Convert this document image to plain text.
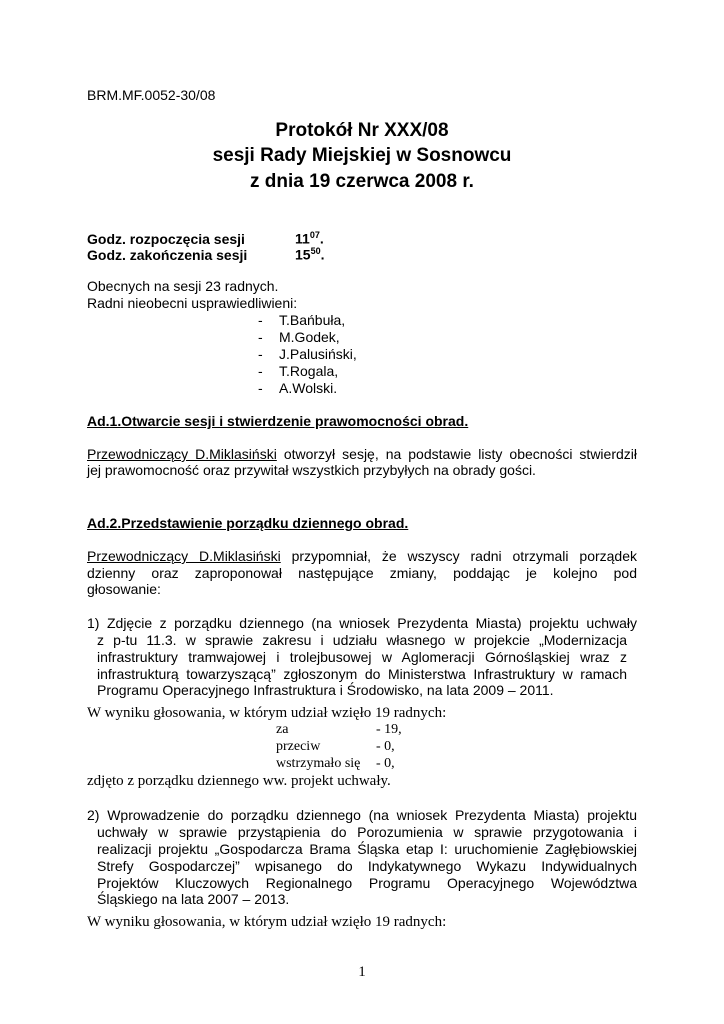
BRM.MF.0052-30/08
Protokół Nr XXX/08
sesji Rady Miejskiej w Sosnowcu
z dnia 19 czerwca 2008 r.
Godz. rozpoczęcia sesji	$11^{07}$.
Godz. zakończenia sesji	$15^{50}$.
Obecnych na sesji 23 radnych.
Radni nieobecni usprawiedliwieni:
- T.Bańbuła,
- M.Godek,
- J.Palusiński,
- T.Rogala,
- A.Wolski.
Ad.1.Otwarcie sesji i stwierdzenie prawomocności obrad.
Przewodniczący D.Miklasiński otworzył sesję, na podstawie listy obecności stwierdził
jej prawomocność oraz przywitał wszystkich przybyłych na obrady gości.
Ad.2.Przedstawienie porządku dziennego obrad.
Przewodniczący D.Miklasiński przypomniał, że wszyscy radni otrzymali porządek
dzienny oraz zaproponował następujące zmiany, poddając je kolejno pod
głosowanie:
1) Zdjęcie z porządku dziennego (na wniosek Prezydenta Miasta) projektu uchwały
z p-tu 11.3. w sprawie zakresu i udziału własnego w projekcie „Modernizacja
infrastruktury tramwajowej i trolejbusowej w Aglomeracji Górnośląskiej wraz z
infrastrukturą towarzyszącą” zgłoszonym do Ministerstwa Infrastruktury w ramach
Programu Operacyjnego Infrastruktura i Środowisko, na lata 2009 – 2011.
W wyniku głosowania, w którym udział wzięło 19 radnych:
za	- 19,
przeciw	- 0,
wstrzymało się - 0,
zdjęto z porządku dziennego ww. projekt uchwały.
2) Wprowadzenie do porządku dziennego (na wniosek Prezydenta Miasta) projektu
uchwały w sprawie przystąpienia do Porozumienia w sprawie przygotowania i
realizacji projektu „Gospodarcza Brama Śląska etap I: uruchomienie Zagłębiowskiej
Strefy Gospodarczej” wpisanego do Indykatywnego Wykazu Indywidualnych
Projektów Kluczowych Regionalnego Programu Operacyjnego Województwa
Śląskiego na lata 2007 – 2013.
W wyniku głosowania, w którym udział wzięło 19 radnych:
1
